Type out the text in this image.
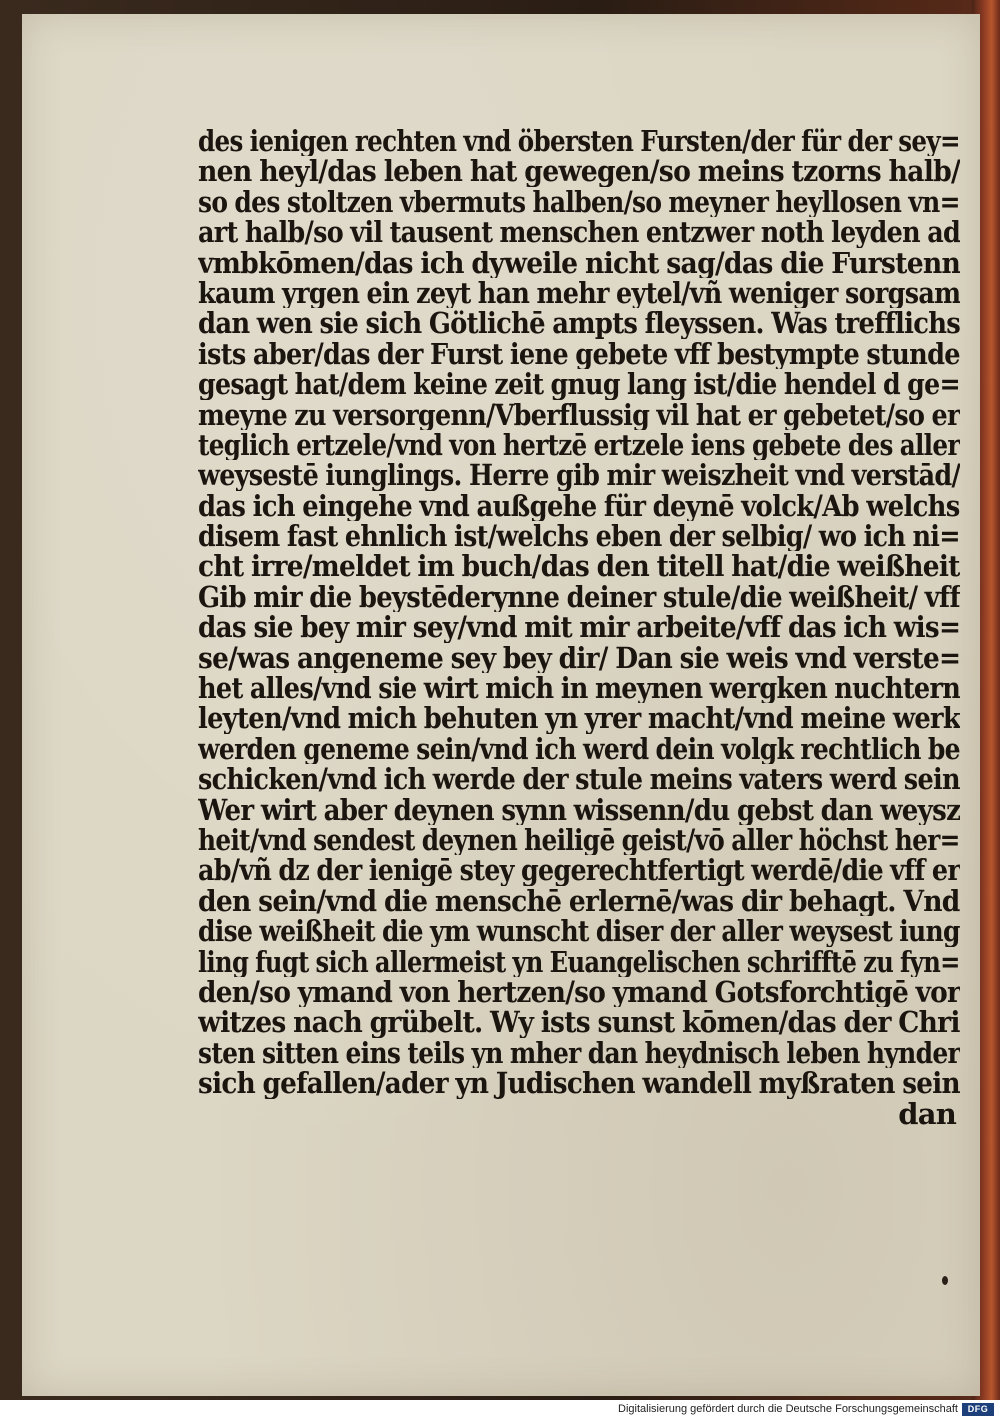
des ienigen rechten vnd öbersten Fursten/der für der sey=
nen heyl/das leben hat gewegen/so meins tzorns halb/
so des stoltzen vbermuts halben/so meyner heyllosen vn=
art halb/so vil tausent menschen entzwer noth leyden ad
vmbkōmen/das ich dyweile nicht sag/das die Furstenn
kaum yrgen ein zeyt han mehr eytel/vñ weniger sorgsam
dan wen sie sich Götlichē ampts fleyssen. Was trefflichs
ists aber/das der Furst iene gebete vff bestympte stunde
gesagt hat/dem keine zeit gnug lang ist/die hendel d ge=
meyne zu versorgenn/Vberflussig vil hat er gebetet/so er
teglich ertzele/vnd von hertzē ertzele iens gebete des aller
weysestē iunglings. Herre gib mir weiszheit vnd verstād/
das ich eingehe vnd außgehe für deynē volck/Ab welchs
disem fast ehnlich ist/welchs eben der selbig/ wo ich ni=
cht irre/meldet im buch/das den titell hat/die weißheit
Gib mir die beystēderynne deiner stule/die weißheit/ vff
das sie bey mir sey/vnd mit mir arbeite/vff das ich wis=
se/was angeneme sey bey dir/ Dan sie weis vnd verste=
het alles/vnd sie wirt mich in meynen wergken nuchtern
leyten/vnd mich behuten yn yrer macht/vnd meine werk
werden geneme sein/vnd ich werd dein volgk rechtlich be
schicken/vnd ich werde der stule meins vaters werd sein
Wer wirt aber deynen synn wissenn/du gebst dan weysz
heit/vnd sendest deynen heiligē geist/vō aller höchst her=
ab/vñ dz der ienigē stey gegerechtfertigt werdē/die vff er
den sein/vnd die menschē erlernē/was dir behagt. Vnd
dise weißheit die ym wunscht diser der aller weysest iung
ling fugt sich allermeist yn Euangelischen schrifftē zu fyn=
den/so ymand von hertzen/so ymand Gotsforchtigē vor
witzes nach grübelt. Wy ists sunst kōmen/das der Chri
sten sitten eins teils yn mher dan heydnisch leben hynder
sich gefallen/ader yn Judischen wandell myßraten sein
dan
Digitalisierung gefördert durch die Deutsche Forschungsgemeinschaft	DFG
